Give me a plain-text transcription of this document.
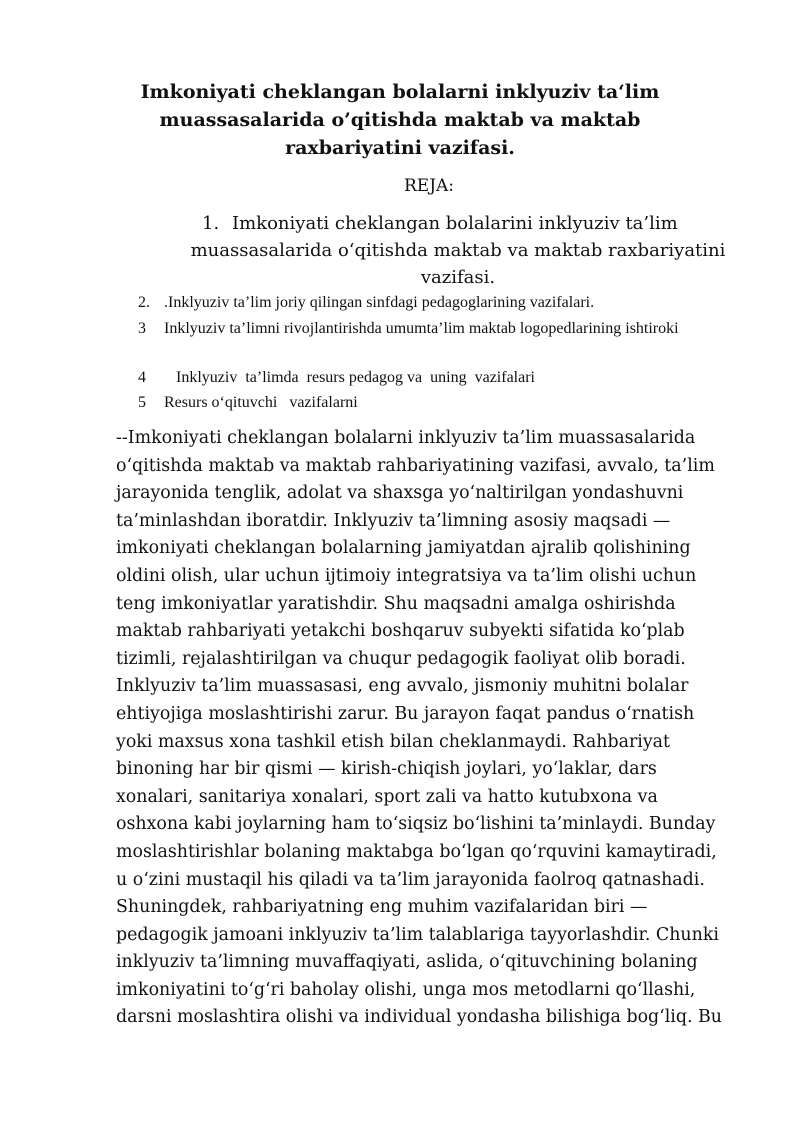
Imkoniyati cheklangan bolalarni inklyuziv ta‘lim muassasalarida o’qitishda maktab va maktab raxbariyatini vazifasi.
REJA:
1. Imkoniyati cheklangan bolalarini inklyuziv ta’lim
muassasalarida o‘qitishda maktab va maktab raxbariyatini vazifasi.
2. .Inklyuziv ta’lim joriy qilingan sinfdagi pedagoglarining vazifalari.
3 Inklyuziv ta’limni rivojlantirishda umumta’lim maktab logopedlarining ishtiroki
4 Inklyuziv  ta’limda  resurs pedagog va  uning  vazifalari
5 Resurs o‘qituvchi   vazifalarni

--Imkoniyati cheklangan bolalarni inklyuziv ta’lim muassasalarida
o‘qitishda maktab va maktab rahbariyatining vazifasi, avvalo, ta’lim
jarayonida tenglik, adolat va shaxsga yo‘naltirilgan yondashuvni
ta’minlashdan iboratdir. Inklyuziv ta’limning asosiy maqsadi —
imkoniyati cheklangan bolalarning jamiyatdan ajralib qolishining
oldini olish, ular uchun ijtimoiy integratsiya va ta’lim olishi uchun
teng imkoniyatlar yaratishdir. Shu maqsadni amalga oshirishda
maktab rahbariyati yetakchi boshqaruv subyekti sifatida ko‘plab
tizimli, rejalashtirilgan va chuqur pedagogik faoliyat olib boradi.
Inklyuziv ta’lim muassasasi, eng avvalo, jismoniy muhitni bolalar
ehtiyojiga moslashtirishi zarur. Bu jarayon faqat pandus o‘rnatish
yoki maxsus xona tashkil etish bilan cheklanmaydi. Rahbariyat
binoning har bir qismi — kirish-chiqish joylari, yo‘laklar, dars
xonalari, sanitariya xonalari, sport zali va hatto kutubxona va
oshxona kabi joylarning ham to‘siqsiz bo‘lishini ta’minlaydi. Bunday
moslashtirishlar bolaning maktabga bo‘lgan qo‘rquvini kamaytiradi,
u o‘zini mustaqil his qiladi va ta’lim jarayonida faolroq qatnashadi.
Shuningdek, rahbariyatning eng muhim vazifalaridan biri —
pedagogik jamoani inklyuziv ta’lim talablariga tayyorlashdir. Chunki
inklyuziv ta’limning muvaffaqiyati, aslida, o‘qituvchining bolaning
imkoniyatini to‘g‘ri baholay olishi, unga mos metodlarni qo‘llashi,
darsni moslashtira olishi va individual yondasha bilishiga bog‘liq. Bu
